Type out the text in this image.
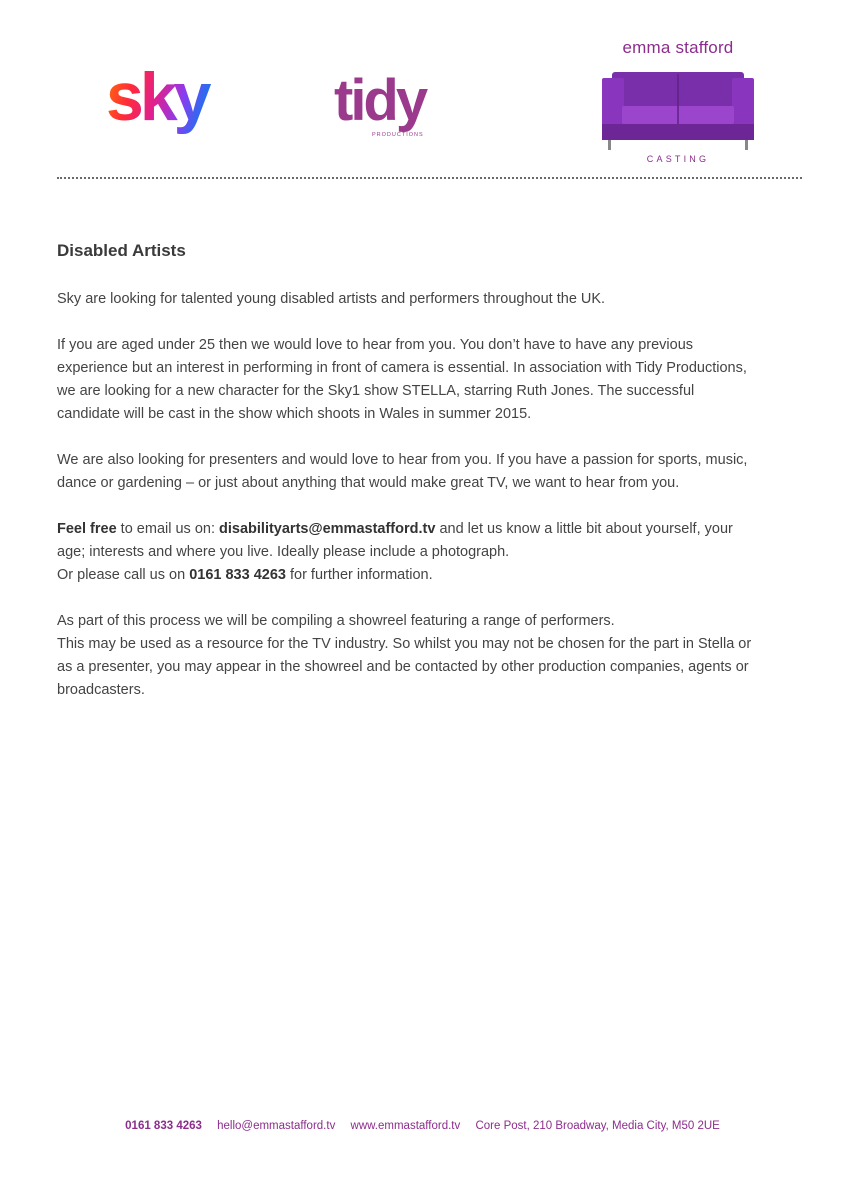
sky tidy
PRODUCTIONS
emma stafford
CASTING
Disabled Artists

Sky are looking for talented young disabled artists and performers throughout the UK.

If you are aged under 25 then we would love to hear from you. You don’t have to have any previous experience but an interest in performing in front of camera is essential. In association with Tidy Productions, we are looking for a new character for the Sky1 show STELLA, starring Ruth Jones. The successful candidate will be cast in the show which shoots in Wales in summer 2015.

We are also looking for presenters and would love to hear from you. If you have a passion for sports, music, dance or gardening – or just about anything that would make great TV, we want to hear from you.

Feel free to email us on: disabilityarts@emmastafford.tv and let us know a little bit about yourself, your age; interests and where you live. Ideally please include a photograph.
Or please call us on 0161 833 4263 for further information.

As part of this process we will be compiling a showreel featuring a range of performers.
This may be used as a resource for the TV industry. So whilst you may not be chosen for the part in Stella or as a presenter, you may appear in the showreel and be contacted by other production companies, agents or broadcasters.

0161 833 4263 hello@emmastafford.tv www.emmastafford.tv Core Post, 210 Broadway, Media City, M50 2UE
